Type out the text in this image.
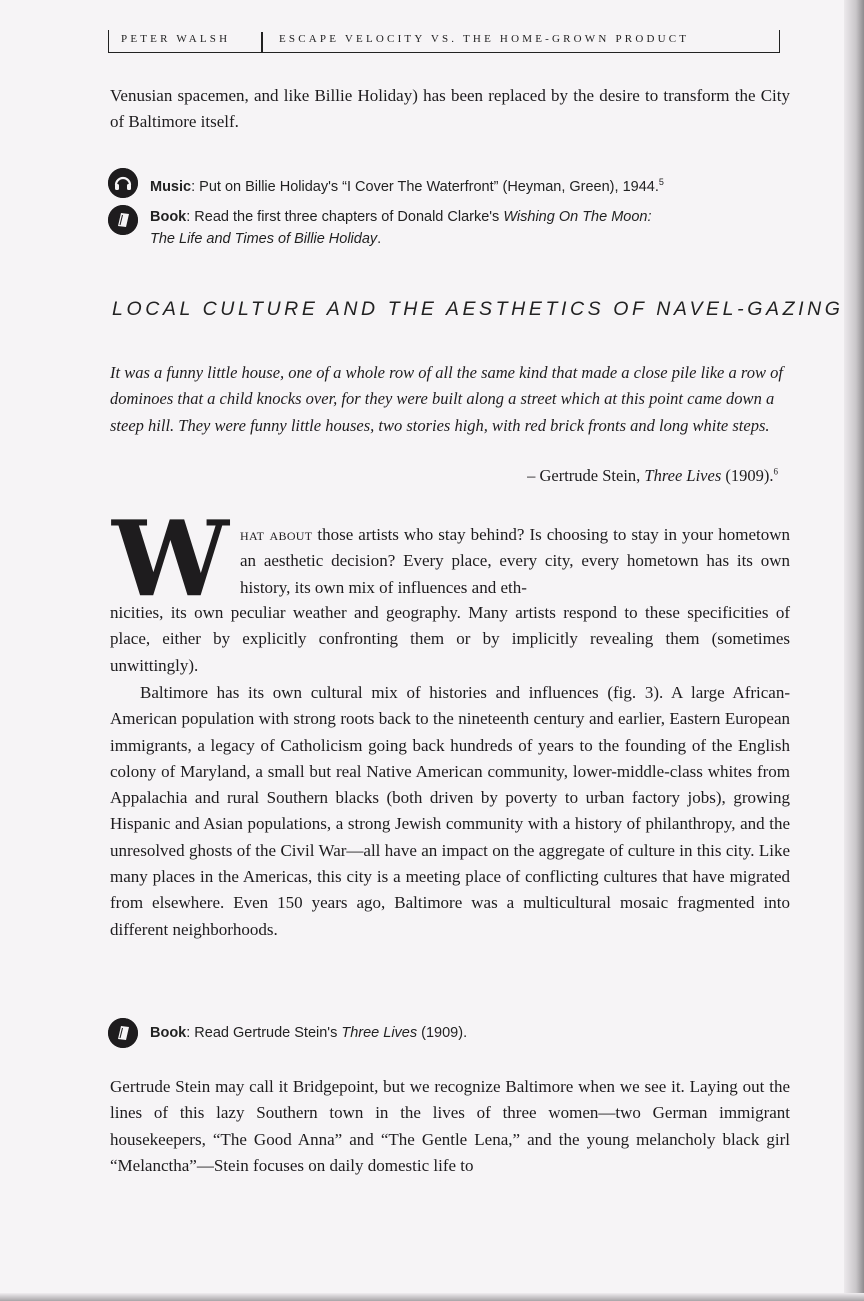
PETER WALSH	ESCAPE VELOCITY VS. THE HOME-GROWN PRODUCT
Venusian spacemen, and like Billie Holiday) has been replaced by the desire to transform the City of Baltimore itself.
Music: Put on Billie Holiday's “I Cover The Waterfront” (Heyman, Green), 1944.$^5$
Book: Read the first three chapters of Donald Clarke's Wishing On The Moon:
The Life and Times of Billie Holiday.
LOCAL CULTURE AND THE AESTHETICS OF NAVEL-GAZING
It was a funny little house, one of a whole row of all the same kind that made a close pile like a row of dominoes that a child knocks over, for they were built along a street which at this point came down a steep hill. They were funny little houses, two stories high, with red brick fronts and long white steps.
– Gertrude Stein, Three Lives (1909).$^6$
W hat about those artists who stay behind? Is choosing to stay in your hometown an aesthetic decision? Every place, every city, every hometown has its own history, its own mix of influences and eth-
nicities, its own peculiar weather and geography. Many artists respond to these specificities of place, either by explicitly confronting them or by implicitly revealing them (sometimes unwittingly).
Baltimore has its own cultural mix of histories and influences (fig. 3). A large African-American population with strong roots back to the nineteenth century and earlier, Eastern European immigrants, a legacy of Catholicism going back hundreds of years to the founding of the English colony of Maryland, a small but real Native American community, lower-middle-class whites from Appalachia and rural Southern blacks (both driven by poverty to urban factory jobs), growing Hispanic and Asian populations, a strong Jewish community with a history of philanthropy, and the unresolved ghosts of the Civil War—all have an impact on the aggregate of culture in this city. Like many places in the Americas, this city is a meeting place of conflicting cultures that have migrated from elsewhere. Even 150 years ago, Baltimore was a multicultural mosaic fragmented into different neighborhoods.
Book: Read Gertrude Stein's Three Lives (1909).
Gertrude Stein may call it Bridgepoint, but we recognize Baltimore when we see it. Laying out the lines of this lazy Southern town in the lives of three women—two German immigrant housekeepers, “The Good Anna” and “The Gentle Lena,” and the young melancholy black girl “Melanctha”—Stein focuses on daily domestic life to
